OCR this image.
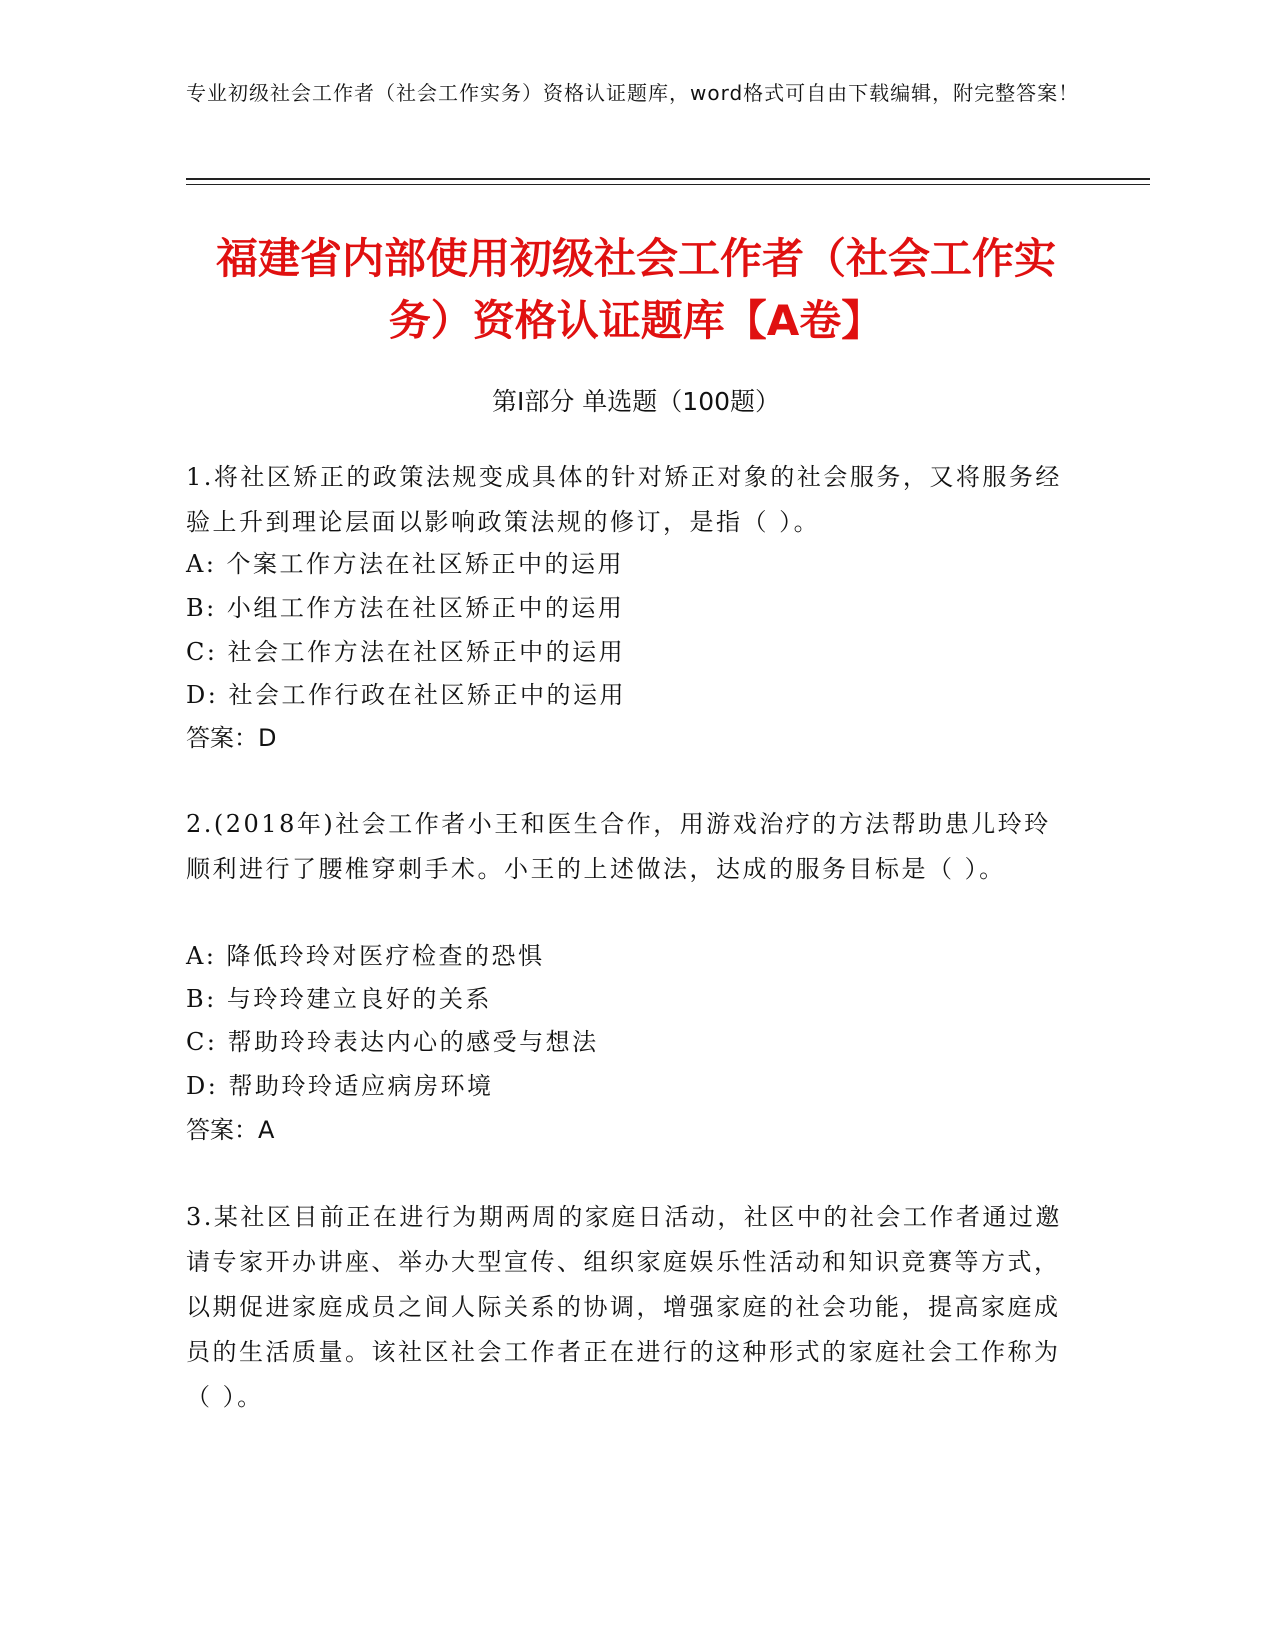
专业初级社会工作者（社会工作实务）资格认证题库，word格式可自由下载编辑，附完整答案！
福建省内部使用初级社会工作者（社会工作实务）资格认证题库【A卷】
第I部分 单选题（100题）

1.将社区矫正的政策法规变成具体的针对矫正对象的社会服务，又将服务经验上升到理论层面以影响政策法规的修订，是指（ ）。

A: 个案工作方法在社区矫正中的运用

B: 小组工作方法在社区矫正中的运用

C: 社会工作方法在社区矫正中的运用

D: 社会工作行政在社区矫正中的运用

答案：D

2.(2018年)社会工作者小王和医生合作，用游戏治疗的方法帮助患儿玲玲顺利进行了腰椎穿刺手术。小王的上述做法，达成的服务目标是（ ）。

A: 降低玲玲对医疗检查的恐惧

B: 与玲玲建立良好的关系

C: 帮助玲玲表达内心的感受与想法

D: 帮助玲玲适应病房环境

答案：A

3.某社区目前正在进行为期两周的家庭日活动，社区中的社会工作者通过邀请专家开办讲座、举办大型宣传、组织家庭娱乐性活动和知识竞赛等方式，以期促进家庭成员之间人际关系的协调，增强家庭的社会功能，提高家庭成员的生活质量。该社区社会工作者正在进行的这种形式的家庭社会工作称为（ ）。
